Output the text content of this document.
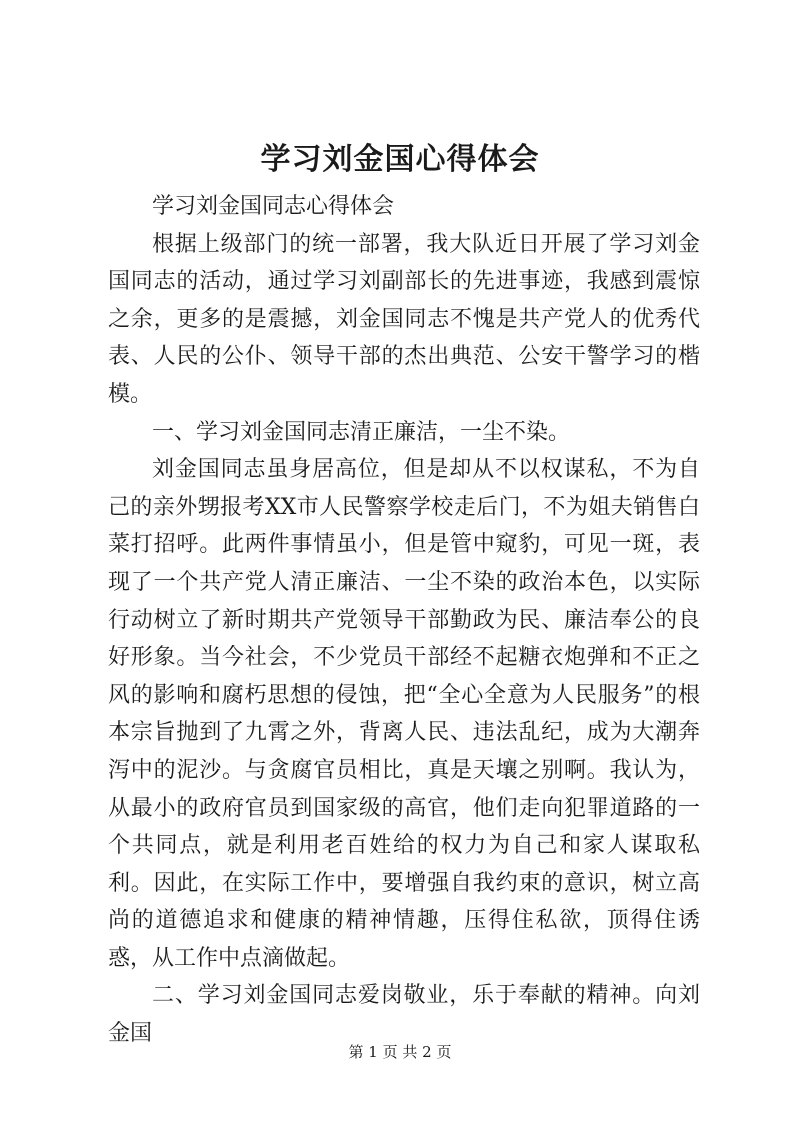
学习刘金国心得体会

学习刘金国同志心得体会

根据上级部门的统一部署，我大队近日开展了学习刘金国同志的活动，通过学习刘副部长的先进事迹，我感到震惊之余，更多的是震撼，刘金国同志不愧是共产党人的优秀代表、人民的公仆、领导干部的杰出典范、公安干警学习的楷模。

一、学习刘金国同志清正廉洁，一尘不染。

刘金国同志虽身居高位，但是却从不以权谋私，不为自己的亲外甥报考XX市人民警察学校走后门，不为姐夫销售白菜打招呼。此两件事情虽小，但是管中窥豹，可见一斑，表现了一个共产党人清正廉洁、一尘不染的政治本色，以实际行动树立了新时期共产党领导干部勤政为民、廉洁奉公的良好形象。当今社会，不少党员干部经不起糖衣炮弹和不正之风的影响和腐朽思想的侵蚀，把“全心全意为人民服务”的根本宗旨抛到了九霄之外，背离人民、违法乱纪，成为大潮奔泻中的泥沙。与贪腐官员相比，真是天壤之别啊。我认为，从最小的政府官员到国家级的高官，他们走向犯罪道路的一个共同点，就是利用老百姓给的权力为自己和家人谋取私利。因此，在实际工作中，要增强自我约束的意识，树立高尚的道德追求和健康的精神情趣，压得住私欲，顶得住诱惑，从工作中点滴做起。

二、学习刘金国同志爱岗敬业，乐于奉献的精神。向刘金国

第 1 页 共 2 页
